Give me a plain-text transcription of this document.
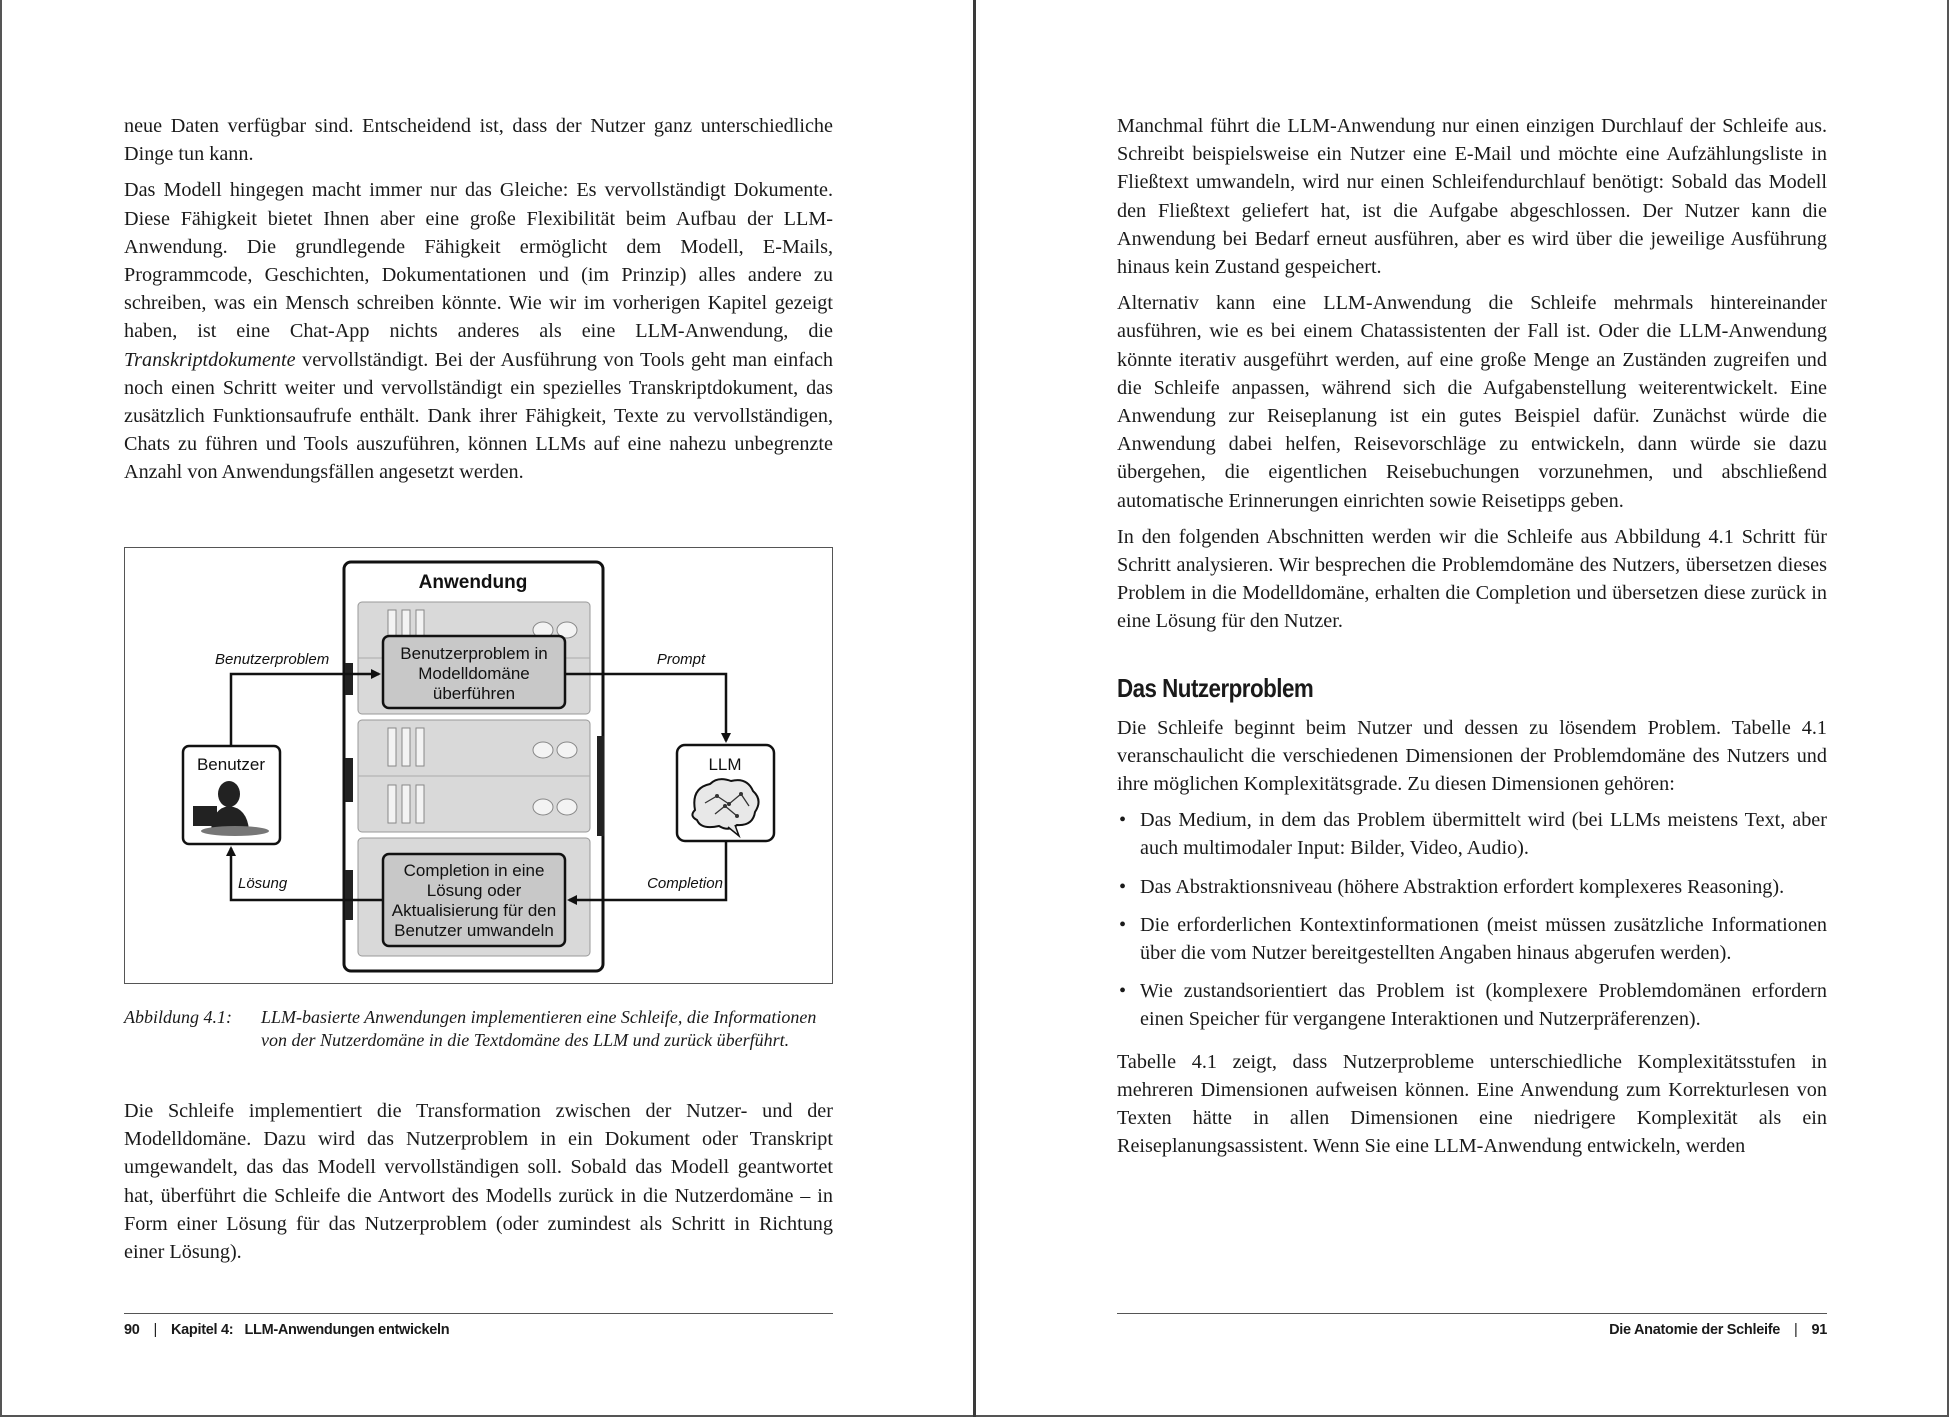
neue Daten verfügbar sind. Entscheidend ist, dass der Nutzer ganz unterschiedliche Dinge tun kann.

Das Modell hingegen macht immer nur das Gleiche: Es vervollständigt Dokumente. Diese Fähigkeit bietet Ihnen aber eine große Flexibilität beim Aufbau der LLM-Anwendung. Die grundlegende Fähigkeit ermöglicht dem Modell, E-Mails, Programmcode, Geschichten, Dokumentationen und (im Prinzip) alles andere zu schreiben, was ein Mensch schreiben könnte. Wie wir im vorherigen Kapitel gezeigt haben, ist eine Chat-App nichts anderes als eine LLM-Anwendung, die Transkriptdokumente vervollständigt. Bei der Ausführung von Tools geht man einfach noch einen Schritt weiter und vervollständigt ein spezielles Transkriptdokument, das zusätzlich Funktionsaufrufe enthält. Dank ihrer Fähigkeit, Texte zu vervollständigen, Chats zu führen und Tools auszuführen, können LLMs auf eine nahezu unbegrenzte Anzahl von Anwendungsfällen angesetzt werden.

Anwendung
Benutzerproblem in
Modelldomäne
überführen
Completion in eine
Lösung oder
Aktualisierung für den
Benutzer umwandeln
Benutzer	LLM
Benutzerproblem	Prompt
Completion
Lösung
Abbildung 4.1:	LLM-basierte Anwendungen implementieren eine Schleife, die Informationen von der Nutzerdomäne in die Textdomäne des LLM und zurück überführt.

Die Schleife implementiert die Transformation zwischen der Nutzer- und der Modelldomäne. Dazu wird das Nutzerproblem in ein Dokument oder Transkript umgewandelt, das das Modell vervollständigen soll. Sobald das Modell geantwortet hat, überführt die Schleife die Antwort des Modells zurück in die Nutzerdomäne – in Form einer Lösung für das Nutzerproblem (oder zumindest als Schritt in Richtung einer Lösung).

90 | Kapitel 4: LLM-Anwendungen entwickeln

Manchmal führt die LLM-Anwendung nur einen einzigen Durchlauf der Schleife aus. Schreibt beispielsweise ein Nutzer eine E-Mail und möchte eine Aufzählungsliste in Fließtext umwandeln, wird nur einen Schleifendurchlauf benötigt: Sobald das Modell den Fließtext geliefert hat, ist die Aufgabe abgeschlossen. Der Nutzer kann die Anwendung bei Bedarf erneut ausführen, aber es wird über die jeweilige Ausführung hinaus kein Zustand gespeichert.

Alternativ kann eine LLM-Anwendung die Schleife mehrmals hintereinander ausführen, wie es bei einem Chatassistenten der Fall ist. Oder die LLM-Anwendung könnte iterativ ausgeführt werden, auf eine große Menge an Zuständen zugreifen und die Schleife anpassen, während sich die Aufgabenstellung weiterentwickelt. Eine Anwendung zur Reiseplanung ist ein gutes Beispiel dafür. Zunächst würde die Anwendung dabei helfen, Reisevorschläge zu entwickeln, dann würde sie dazu übergehen, die eigentlichen Reisebuchungen vorzunehmen, und abschließend automatische Erinnerungen einrichten sowie Reisetipps geben.

In den folgenden Abschnitten werden wir die Schleife aus Abbildung 4.1 Schritt für Schritt analysieren. Wir besprechen die Problemdomäne des Nutzers, übersetzen dieses Problem in die Modelldomäne, erhalten die Completion und übersetzen diese zurück in eine Lösung für den Nutzer.

Das Nutzerproblem

Die Schleife beginnt beim Nutzer und dessen zu lösendem Problem. Tabelle 4.1 veranschaulicht die verschiedenen Dimensionen der Problemdomäne des Nutzers und ihre möglichen Komplexitätsgrade. Zu diesen Dimensionen gehören:

• Das Medium, in dem das Problem übermittelt wird (bei LLMs meistens Text, aber auch multimodaler Input: Bilder, Video, Audio).
• Das Abstraktionsniveau (höhere Abstraktion erfordert komplexeres Reasoning).
• Die erforderlichen Kontextinformationen (meist müssen zusätzliche Informationen über die vom Nutzer bereitgestellten Angaben hinaus abgerufen werden).
• Wie zustandsorientiert das Problem ist (komplexere Problemdomänen erfordern einen Speicher für vergangene Interaktionen und Nutzerpräferenzen).

Tabelle 4.1 zeigt, dass Nutzerprobleme unterschiedliche Komplexitätsstufen in mehreren Dimensionen aufweisen können. Eine Anwendung zum Korrekturlesen von Texten hätte in allen Dimensionen eine niedrigere Komplexität als ein Reiseplanungsassistent. Wenn Sie eine LLM-Anwendung entwickeln, werden

Die Anatomie der Schleife | 91
